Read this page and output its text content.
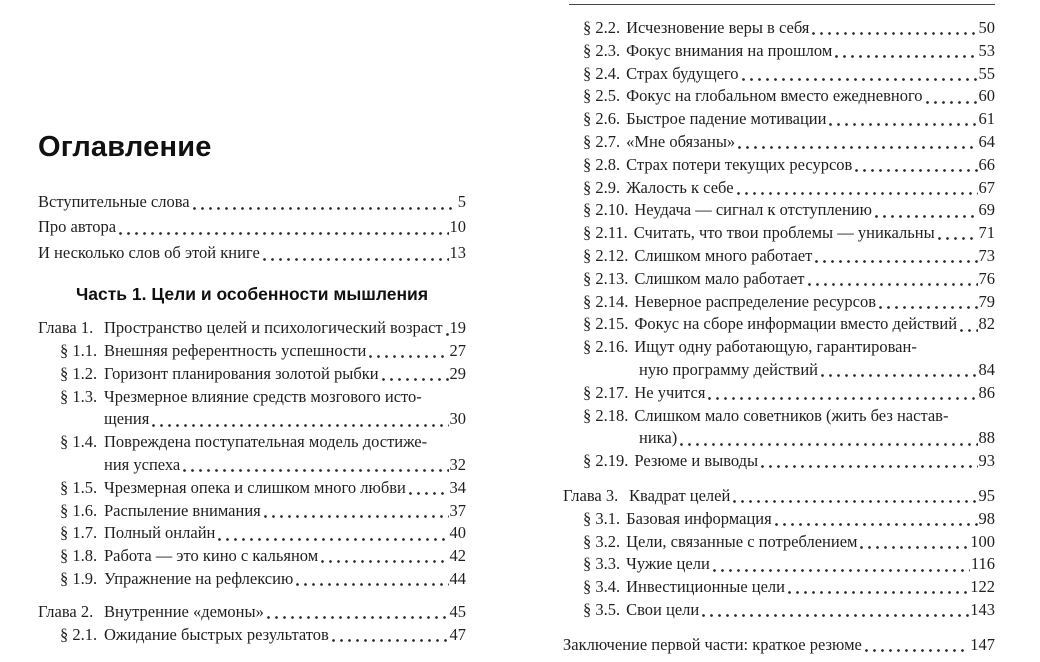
Оглавление
Вступительные слова	5
Про автора	10
И несколько слов об этой книге	13
Часть 1. Цели и особенности мышления
Глава 1. Пространство целей и психологический возраст 19
§ 1.1. Внешняя референтность успешности	27
§ 1.2. Горизонт планирования золотой рыбки	29
§ 1.3. Чрезмерное влияние средств мозгового исто-
щения	30
§ 1.4. Повреждена поступательная модель достиже-
ния успеха	32
§ 1.5. Чрезмерная опека и слишком много любви	34
§ 1.6. Распыление внимания	37
§ 1.7. Полный онлайн	40
§ 1.8. Работа — это кино с кальяном	42
§ 1.9. Упражнение на рефлексию	44
Глава 2. Внутренние «демоны»	45
§ 2.1. Ожидание быстрых результатов	47
§ 2.2. Исчезновение веры в себя	50
§ 2.3. Фокус внимания на прошлом	53
§ 2.4. Страх будущего	55
§ 2.5. Фокус на глобальном вместо ежедневного	60
§ 2.6. Быстрое падение мотивации	61
§ 2.7. «Мне обязаны»	64
§ 2.8. Страх потери текущих ресурсов	66
§ 2.9. Жалость к себе	67
§ 2.10. Неудача — сигнал к отступлению	69
§ 2.11. Считать, что твои проблемы — уникальны	71
§ 2.12. Слишком много работает	73
§ 2.13. Слишком мало работает	76
§ 2.14. Неверное распределение ресурсов	79
§ 2.15. Фокус на сборе информации вместо действий 82
§ 2.16. Ищут одну работающую, гарантирован-
ную программу действий	84
§ 2.17. Не учится	86
§ 2.18. Слишком мало советников (жить без настав-
ника)	88
§ 2.19. Резюме и выводы	93
Глава 3. Квадрат целей	95
§ 3.1. Базовая информация	98
§ 3.2. Цели, связанные с потреблением	100
§ 3.3. Чужие цели	116
§ 3.4. Инвестиционные цели	122
§ 3.5. Свои цели	143
Заключение первой части: краткое резюме	147
